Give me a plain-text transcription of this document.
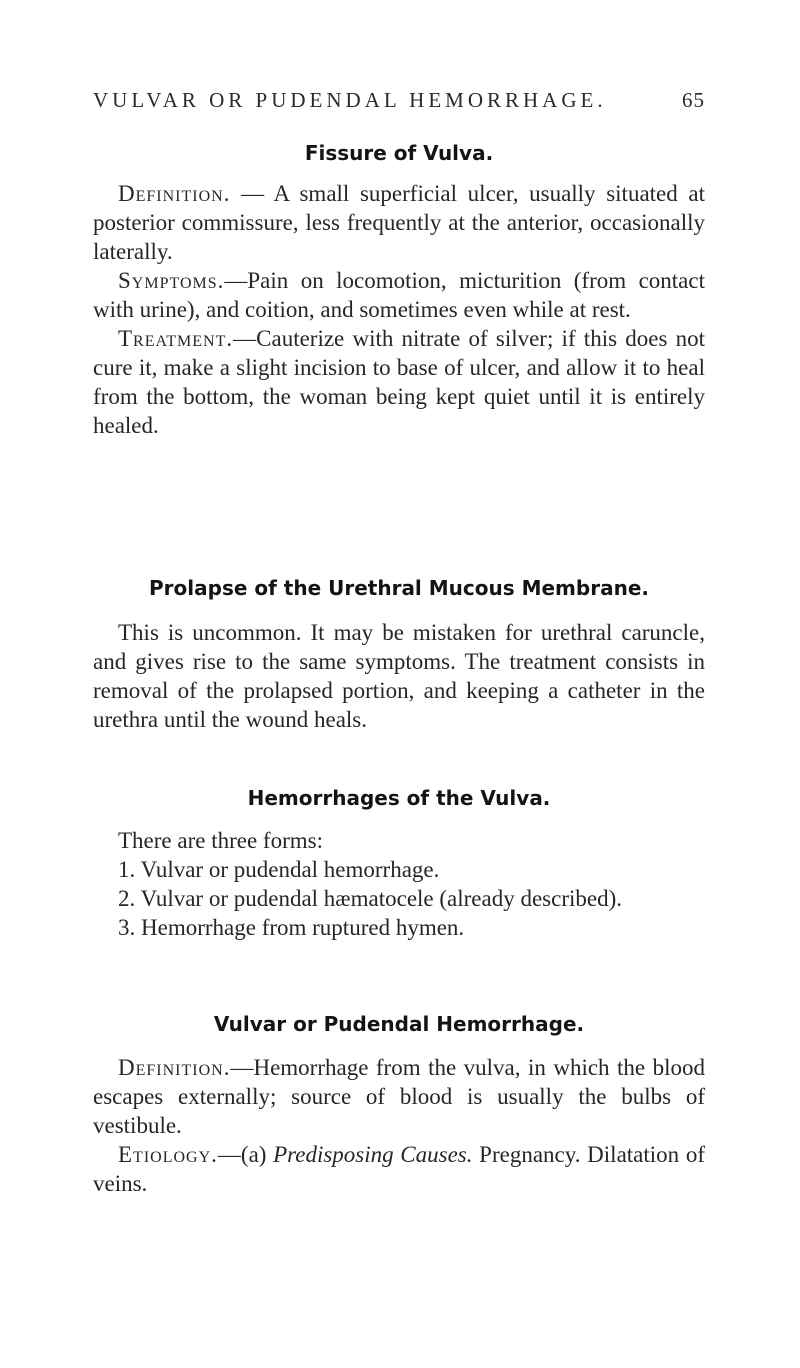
VULVAR OR PUDENDAL HEMORRHAGE.	65
Fissure of Vulva.

Definition. — A small superficial ulcer, usually situated at posterior commissure, less frequently at the anterior, occasionally laterally.

Symptoms.—Pain on locomotion, micturition (from contact with urine), and coition, and sometimes even while at rest.

Treatment.—Cauterize with nitrate of silver; if this does not cure it, make a slight incision to base of ulcer, and allow it to heal from the bottom, the woman being kept quiet until it is entirely healed.

Prolapse of the Urethral Mucous Membrane.

This is uncommon. It may be mistaken for urethral caruncle, and gives rise to the same symptoms. The treatment consists in removal of the prolapsed portion, and keeping a catheter in the urethra until the wound heals.

Hemorrhages of the Vulva.

There are three forms:

1. Vulvar or pudendal hemorrhage.

2. Vulvar or pudendal hæmatocele (already described).

3. Hemorrhage from ruptured hymen.

Vulvar or Pudendal Hemorrhage.

Definition.—Hemorrhage from the vulva, in which the blood escapes externally; source of blood is usually the bulbs of vestibule.

Etiology.—(a) Predisposing Causes. Pregnancy. Dilatation of veins.
